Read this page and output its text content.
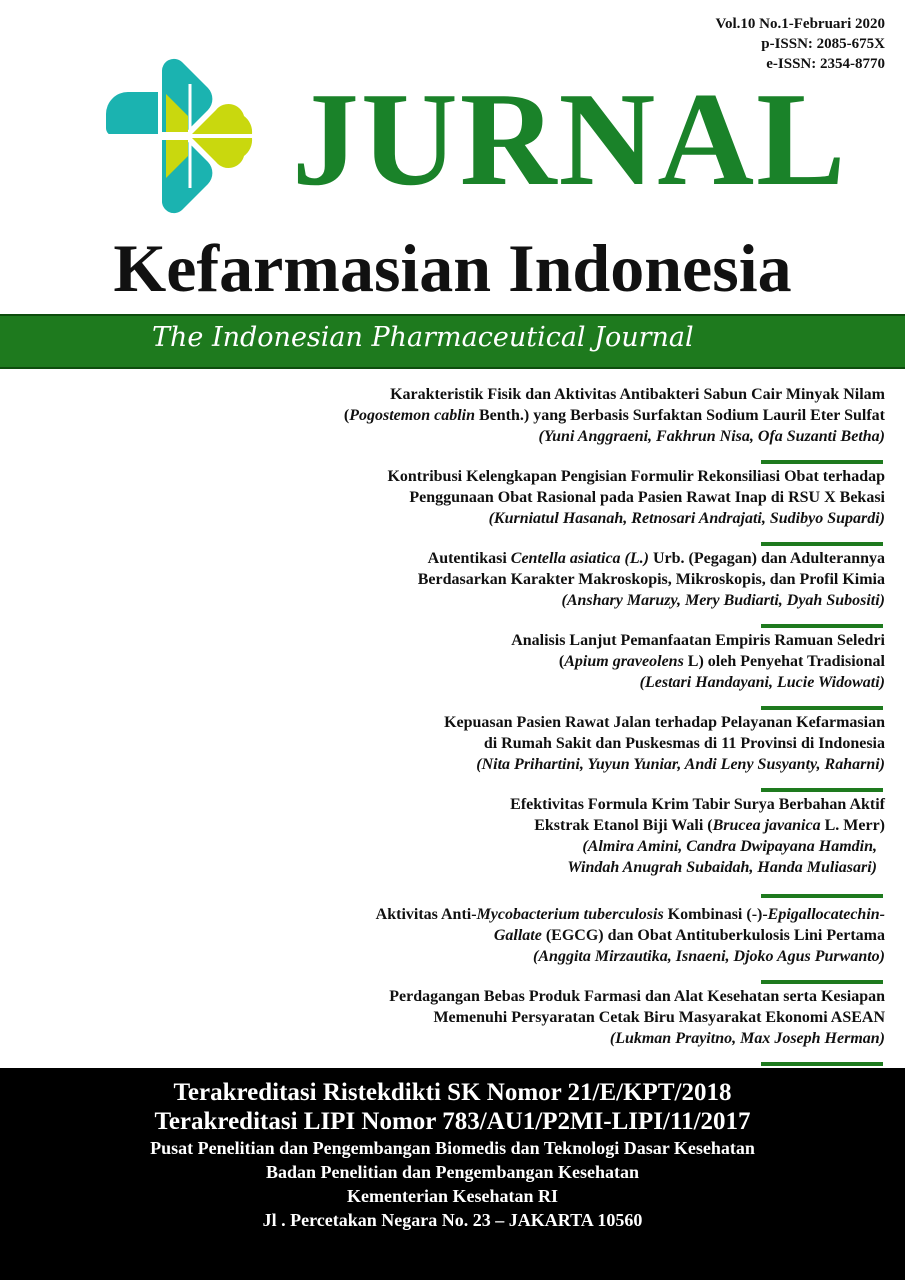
Vol.10 No.1-Februari 2020
p-ISSN: 2085-675X
e-ISSN: 2354-8770
JURNAL
Kefarmasian Indonesia
The Indonesian Pharmaceutical Journal
Karakteristik Fisik dan Aktivitas Antibakteri Sabun Cair Minyak Nilam
(Pogostemon cablin Benth.) yang Berbasis Surfaktan Sodium Lauril Eter Sulfat
(Yuni Anggraeni, Fakhrun Nisa, Ofa Suzanti Betha)
Kontribusi Kelengkapan Pengisian Formulir Rekonsiliasi Obat terhadap
Penggunaan Obat Rasional pada Pasien Rawat Inap di RSU X Bekasi
(Kurniatul Hasanah, Retnosari Andrajati, Sudibyo Supardi)
Autentikasi Centella asiatica (L.) Urb. (Pegagan) dan Adulterannya
Berdasarkan Karakter Makroskopis, Mikroskopis, dan Profil Kimia
(Anshary Maruzy, Mery Budiarti, Dyah Subositi)
Analisis Lanjut Pemanfaatan Empiris Ramuan Seledri
(Apium graveolens L) oleh Penyehat Tradisional
(Lestari Handayani, Lucie Widowati)
Kepuasan Pasien Rawat Jalan terhadap Pelayanan Kefarmasian
di Rumah Sakit dan Puskesmas di 11 Provinsi di Indonesia
(Nita Prihartini, Yuyun Yuniar, Andi Leny Susyanty, Raharni)
Efektivitas Formula Krim Tabir Surya Berbahan Aktif
Ekstrak Etanol Biji Wali (Brucea javanica L. Merr)
(Almira Amini, Candra Dwipayana Hamdin,
Windah Anugrah Subaidah, Handa Muliasari)
Aktivitas Anti-Mycobacterium tuberculosis Kombinasi (-)-Epigallocatechin-
Gallate (EGCG) dan Obat Antituberkulosis Lini Pertama
(Anggita Mirzautika, Isnaeni, Djoko Agus Purwanto)
Perdagangan Bebas Produk Farmasi dan Alat Kesehatan serta Kesiapan
Memenuhi Persyaratan Cetak Biru Masyarakat Ekonomi ASEAN
(Lukman Prayitno, Max Joseph Herman)
Terakreditasi Ristekdikti SK Nomor 21/E/KPT/2018
Terakreditasi LIPI Nomor 783/AU1/P2MI-LIPI/11/2017
Pusat Penelitian dan Pengembangan Biomedis dan Teknologi Dasar Kesehatan
Badan Penelitian dan Pengembangan Kesehatan
Kementerian Kesehatan RI
Jl . Percetakan Negara No. 23 – JAKARTA 10560
